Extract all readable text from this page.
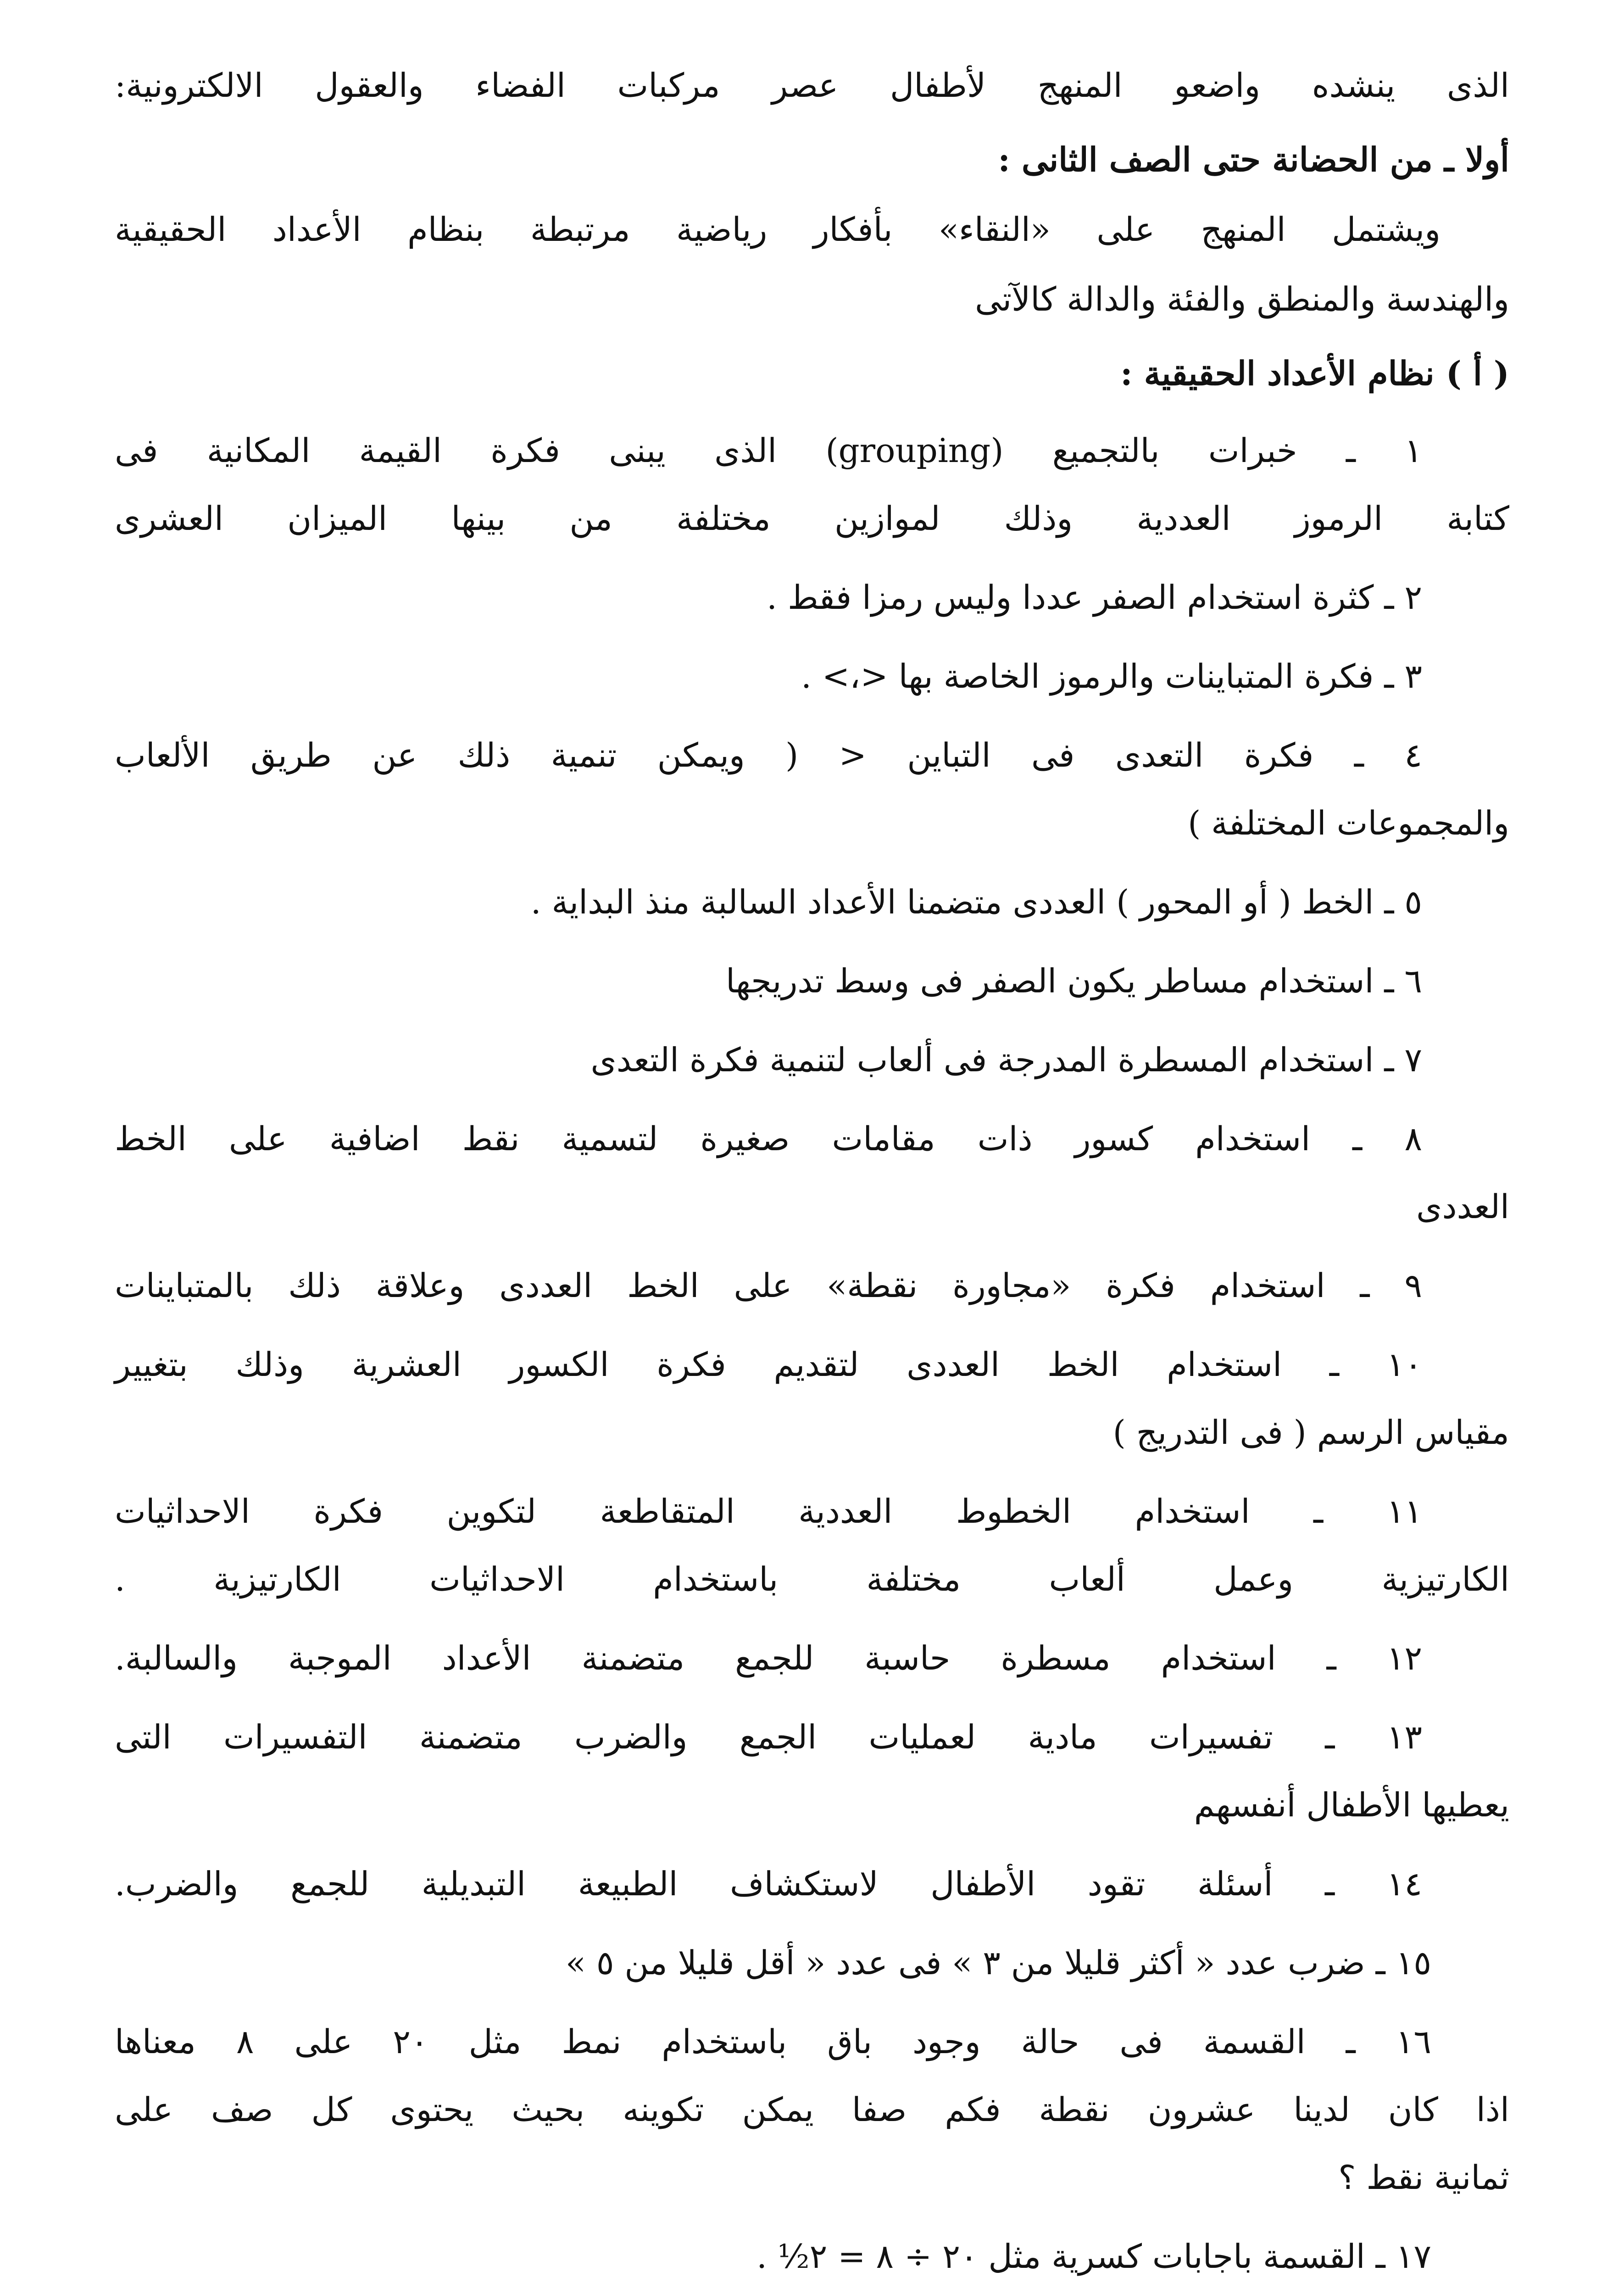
الذى ينشده واضعو المنهج لأطفال عصر مركبات الفضاء والعقول الالكترونية:
أولا ـ من الحضانة حتى الصف الثانى :
ويشتمل المنهج على «النقاء» بأفكار رياضية مرتبطة بنظام الأعداد الحقيقية
والهندسة والمنطق والفئة والدالة كالآتى
( أ ) نظام الأعداد الحقيقية :
١ ـ خبرات بالتجميع (grouping) الذى يبنى فكرة القيمة المكانية فى
كتابة الرموز العددية وذلك لموازين مختلفة من بينها الميزان العشرى
٢ ـ كثرة استخدام الصفر عددا وليس رمزا فقط .
٣ ـ فكرة المتباينات والرموز الخاصة بها <،> .
٤ ـ فكرة التعدى فى التباين < ( ويمكن تنمية ذلك عن طريق الألعاب
والمجموعات المختلفة )
٥ ـ الخط ( أو المحور ) العددى متضمنا الأعداد السالبة منذ البداية .
٦ ـ استخدام مساطر يكون الصفر فى وسط تدريجها
٧ ـ استخدام المسطرة المدرجة فى ألعاب لتنمية فكرة التعدى
٨ ـ استخدام كسور ذات مقامات صغيرة لتسمية نقط اضافية على الخط
العددى
٩ ـ استخدام فكرة «مجاورة نقطة» على الخط العددى وعلاقة ذلك بالمتباينات
١٠ ـ استخدام الخط العددى لتقديم فكرة الكسور العشرية وذلك بتغيير
مقياس الرسم ( فى التدريج )
١١ ـ استخدام الخطوط العددية المتقاطعة لتكوين فكرة الاحداثيات
الكارتيزية وعمل ألعاب مختلفة باستخدام الاحداثيات الكارتيزية .
١٢ ـ استخدام مسطرة حاسبة للجمع متضمنة الأعداد الموجبة والسالبة.
١٣ ـ تفسيرات مادية لعمليات الجمع والضرب متضمنة التفسيرات التى
يعطيها الأطفال أنفسهم
١٤ ـ أسئلة تقود الأطفال لاستكشاف الطبيعة التبديلية للجمع والضرب.
١٥ ـ ضرب عدد « أكثر قليلا من ٣ » فى عدد « أقل قليلا من ٥ »
١٦ ـ القسمة فى حالة وجود باق باستخدام نمط مثل ٢٠ على ٨ معناها
اذا كان لدينا عشرون نقطة فكم صفا يمكن تكوينه بحيث يحتوى كل صف على
ثمانية نقط ؟
١٧ ـ القسمة باجابات كسرية مثل ٢٠ ÷ ٨ = ٢½ .
